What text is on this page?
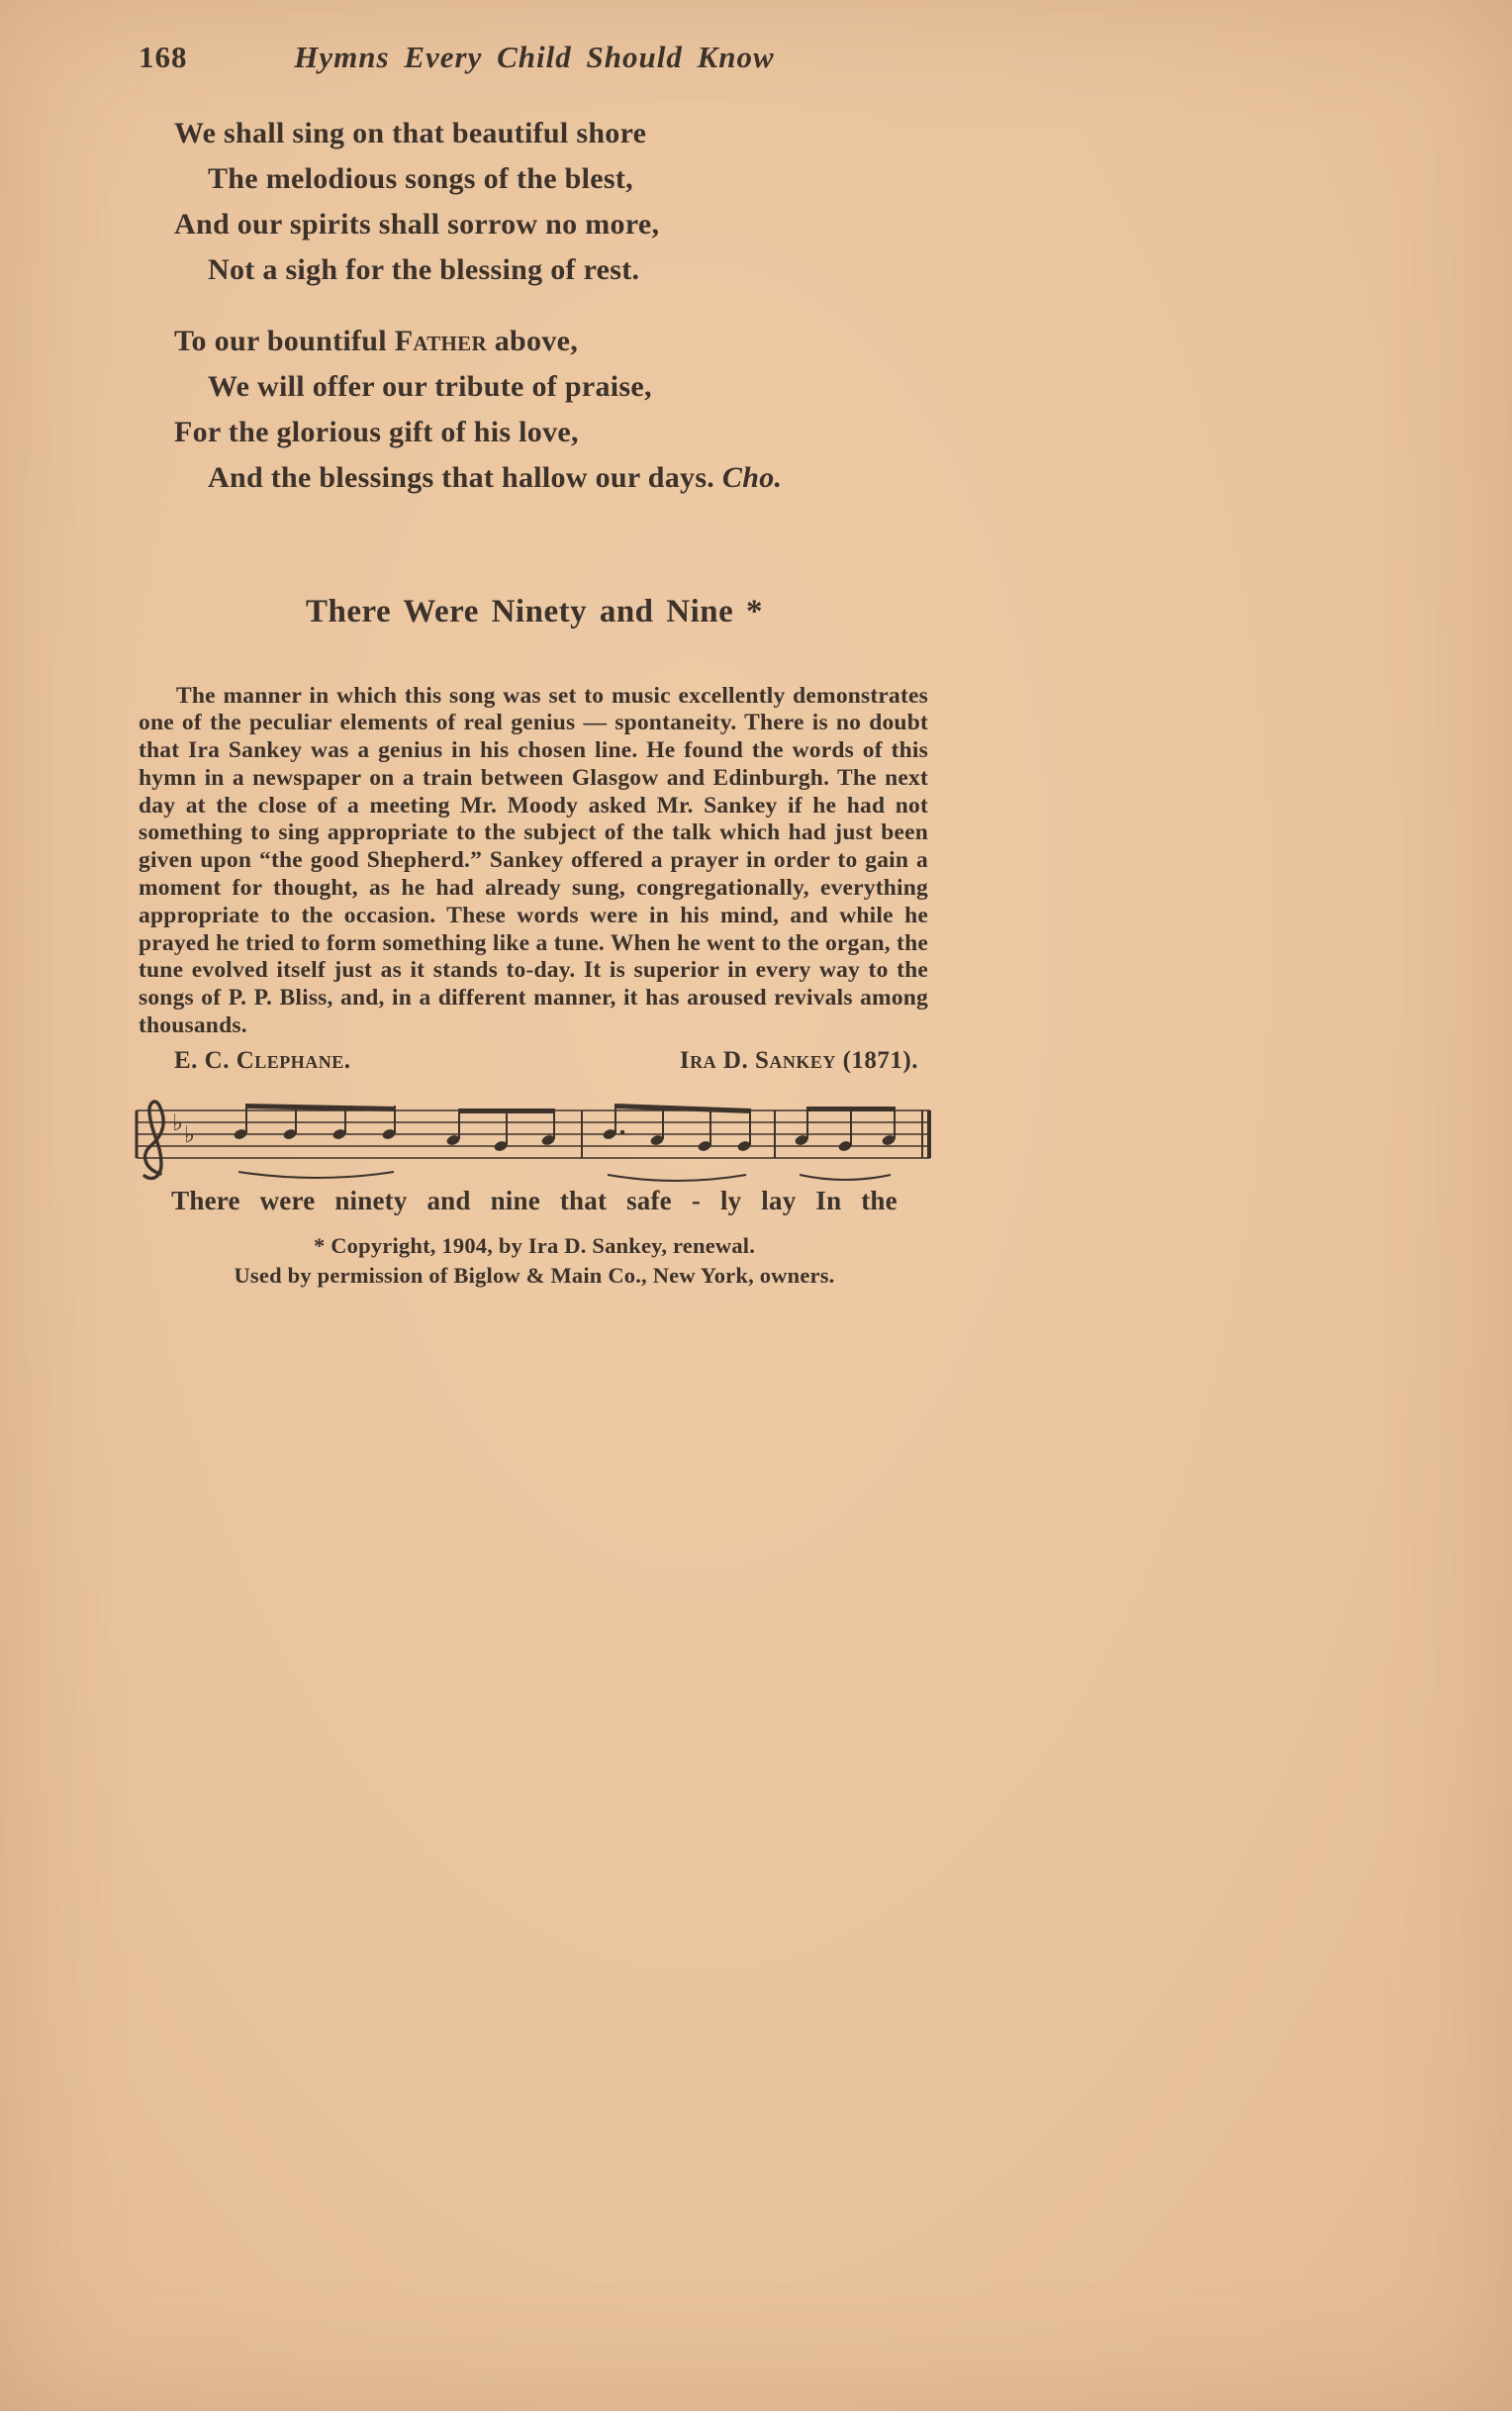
168	Hymns Every Child Should Know
We shall sing on that beautiful shore
The melodious songs of the blest,
And our spirits shall sorrow no more,
Not a sigh for the blessing of rest.
To our bountiful Father above,
We will offer our tribute of praise,
For the glorious gift of his love,
And the blessings that hallow our days. Cho.
There Were Ninety and Nine *

The manner in which this song was set to music excellently demonstrates one of the peculiar elements of real genius — spontaneity. There is no doubt that Ira Sankey was a genius in his chosen line. He found the words of this hymn in a newspaper on a train between Glasgow and Edinburgh. The next day at the close of a meeting Mr. Moody asked Mr. Sankey if he had not something to sing appropriate to the subject of the talk which had just been given upon “the good Shepherd.” Sankey offered a prayer in order to gain a moment for thought, as he had already sung, congregationally, everything appropriate to the occasion. These words were in his mind, and while he prayed he tried to form something like a tune. When he went to the organ, the tune evolved itself just as it stands to-day. It is superior in every way to the songs of P. P. Bliss, and, in a different manner, it has aroused revivals among thousands.

E. C. Clephane.	Ira D. Sankey (1871).
♭ ♭
There were ninety and nine that safe - ly lay In the
* Copyright, 1904, by Ira D. Sankey, renewal.
Used by permission of Biglow & Main Co., New York, owners.
